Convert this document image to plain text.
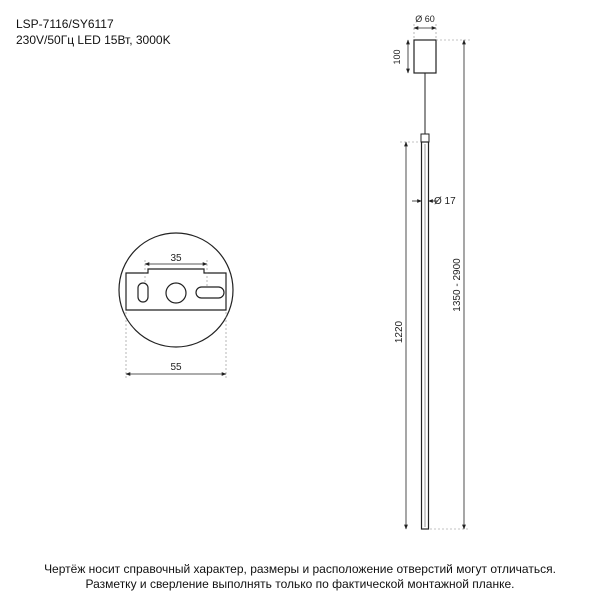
LSP-7116/SY6117
230V/50Гц LED 15Вт, 3000K
35
55
Ø 60
100
Ø 17
1220
1350 - 2900
Чертёж носит справочный характер, размеры и расположение отверстий могут отличаться.
Разметку и сверление выполнять только по фактической монтажной планке.
